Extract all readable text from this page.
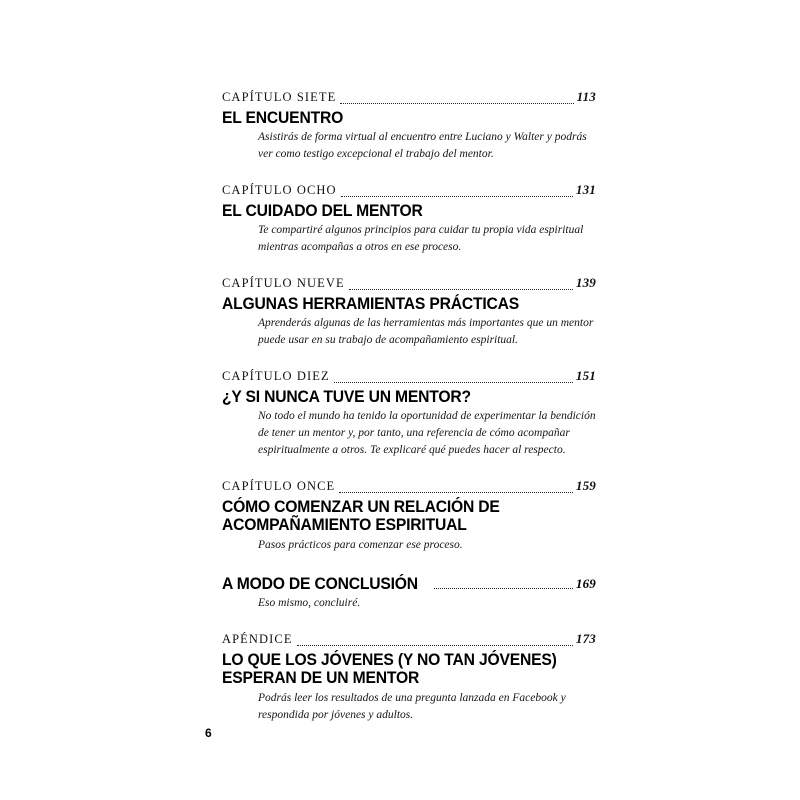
CAPÍTULO SIETE	113
EL ENCUENTRO
Asistirás de forma virtual al encuentro entre Luciano y Walter y podrás ver como testigo excepcional el trabajo del mentor.
CAPÍTULO OCHO	131
EL CUIDADO DEL MENTOR
Te compartiré algunos principios para cuidar tu propia vida espiritual mientras acompañas a otros en ese proceso.
CAPÍTULO NUEVE	139
ALGUNAS HERRAMIENTAS PRÁCTICAS
Aprenderás algunas de las herramientas más importantes que un mentor puede usar en su trabajo de acompañamiento espiritual.
CAPÍTULO DIEZ	151
¿Y SI NUNCA TUVE UN MENTOR?
No todo el mundo ha tenido la oportunidad de experimentar la bendición de tener un mentor y, por tanto, una referencia de cómo acompañar espiritualmente a otros. Te explicaré qué puedes hacer al respecto.
CAPÍTULO ONCE	159
CÓMO COMENZAR UN RELACIÓN DE ACOMPAÑAMIENTO ESPIRITUAL
Pasos prácticos para comenzar ese proceso.
A MODO DE CONCLUSIÓN	169
Eso mismo, concluiré.
APÉNDICE	173
LO QUE LOS JÓVENES (Y NO TAN JÓVENES) ESPERAN DE UN MENTOR
Podrás leer los resultados de una pregunta lanzada en Facebook y respondida por jóvenes y adultos.
6
